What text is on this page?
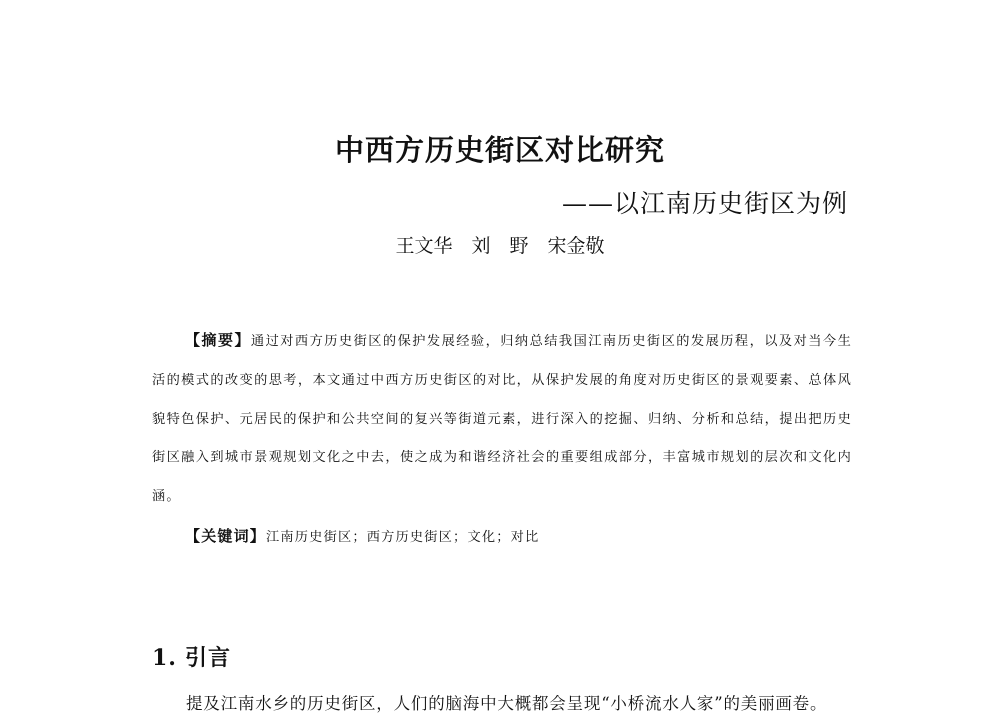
中西方历史街区对比研究
——以江南历史街区为例
王文华　刘　野　宋金敬

【摘要】通过对西方历史街区的保护发展经验，归纳总结我国江南历史街区的发展历程，以及对当今生活的模式的改变的思考，本文通过中西方历史街区的对比，从保护发展的角度对历史街区的景观要素、总体风貌特色保护、元居民的保护和公共空间的复兴等街道元素，进行深入的挖掘、归纳、分析和总结，提出把历史街区融入到城市景观规划文化之中去，使之成为和谐经济社会的重要组成部分，丰富城市规划的层次和文化内涵。

【关键词】江南历史街区；西方历史街区；文化；对比

1. 引言

提及江南水乡的历史街区，人们的脑海中大概都会呈现“小桥流水人家”的美丽画卷。
